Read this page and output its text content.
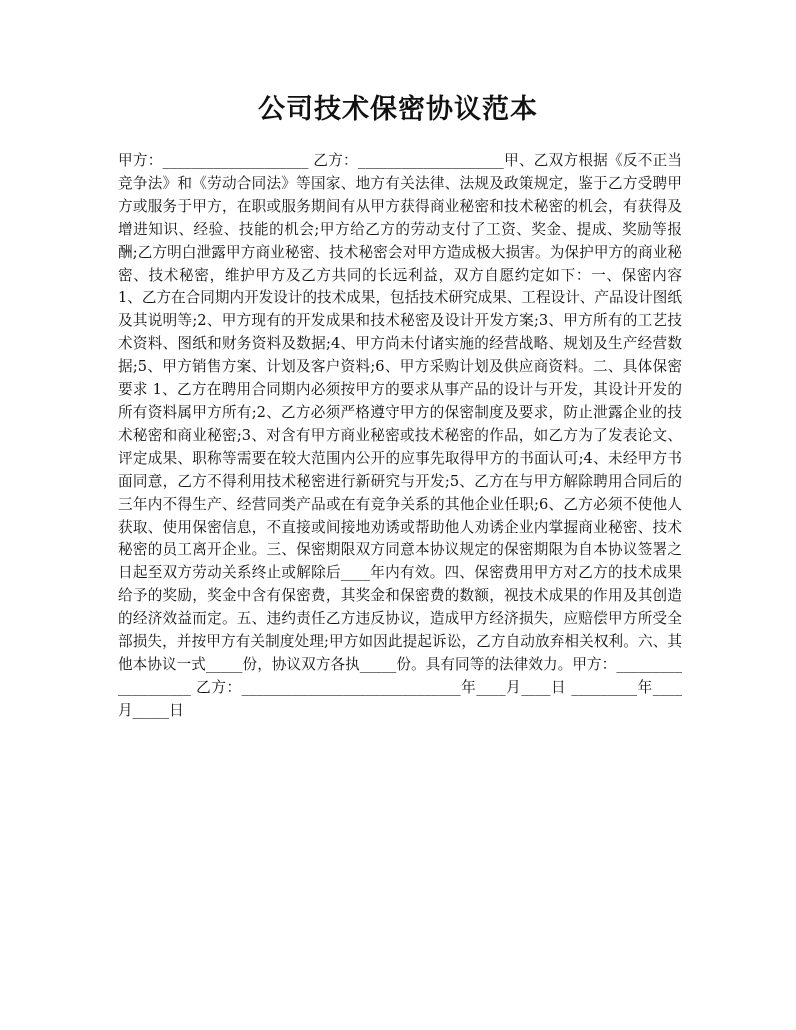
公司技术保密协议范本

甲方：____________________ 乙方：____________________甲、乙双方根据《反不正当竞争法》和《劳动合同法》等国家、地方有关法律、法规及政策规定，鉴于乙方受聘甲方或服务于甲方，在职或服务期间有从甲方获得商业秘密和技术秘密的机会，有获得及增进知识、经验、技能的机会;甲方给乙方的劳动支付了工资、奖金、提成、奖励等报酬;乙方明白泄露甲方商业秘密、技术秘密会对甲方造成极大损害。为保护甲方的商业秘密、技术秘密，维护甲方及乙方共同的长远利益，双方自愿约定如下：一、保密内容 1、乙方在合同期内开发设计的技术成果，包括技术研究成果、工程设计、产品设计图纸及其说明等;2、甲方现有的开发成果和技术秘密及设计开发方案;3、甲方所有的工艺技术资料、图纸和财务资料及数据;4、甲方尚未付诸实施的经营战略、规划及生产经营数据;5、甲方销售方案、计划及客户资料;6、甲方采购计划及供应商资料。二、具体保密要求 1、乙方在聘用合同期内必须按甲方的要求从事产品的设计与开发，其设计开发的所有资料属甲方所有;2、乙方必须严格遵守甲方的保密制度及要求，防止泄露企业的技术秘密和商业秘密;3、对含有甲方商业秘密或技术秘密的作品，如乙方为了发表论文、评定成果、职称等需要在较大范围内公开的应事先取得甲方的书面认可;4、未经甲方书面同意，乙方不得利用技术秘密进行新研究与开发;5、乙方在与甲方解除聘用合同后的三年内不得生产、经营同类产品或在有竞争关系的其他企业任职;6、乙方必须不使他人获取、使用保密信息，不直接或间接地劝诱或帮助他人劝诱企业内掌握商业秘密、技术秘密的员工离开企业。三、保密期限双方同意本协议规定的保密期限为自本协议签署之日起至双方劳动关系终止或解除后____年内有效。四、保密费用甲方对乙方的技术成果给予的奖励，奖金中含有保密费，其奖金和保密费的数额，视技术成果的作用及其创造的经济效益而定。五、违约责任乙方违反协议，造成甲方经济损失，应赔偿甲方所受全部损失，并按甲方有关制度处理;甲方如因此提起诉讼，乙方自动放弃相关权利。六、其他本协议一式_____份，协议双方各执_____份。具有同等的法律效力。甲方：___________________ 乙方：______________________________年____月____日 _________年____月_____日
